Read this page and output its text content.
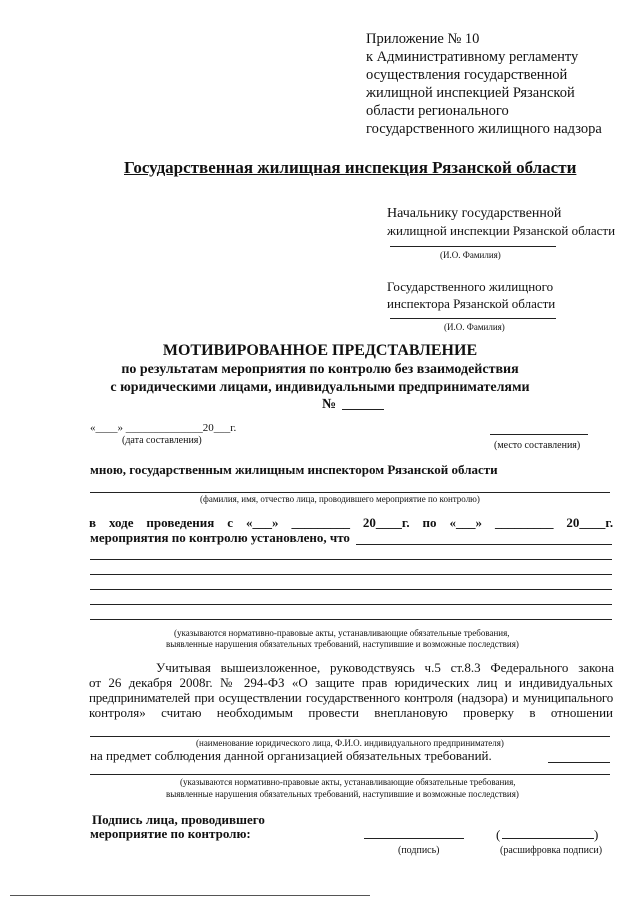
Приложение № 10
к Административному регламенту
осуществления государственной
жилищной инспекцией Рязанской
области регионального
государственного жилищного надзора
Государственная жилищная инспекция Рязанской области
Начальнику государственной
жилищной инспекции Рязанской области
(И.О. Фамилия)
Государственного жилищного
инспектора Рязанской области
(И.О. Фамилия)
МОТИВИРОВАННОЕ ПРЕДСТАВЛЕНИЕ
по результатам мероприятия по контролю без взаимодействия
с юридическими лицами, индивидуальными предпринимателями
№
«____» ______________20___г.
(дата составления)	(место составления)
мною, государственным жилищным инспектором Рязанской области
(фамилия, имя, отчество лица, проводившего мероприятие по контролю)
в ходе проведения с «___» _________ 20____г. по «___» _________ 20____г.
мероприятия по контролю установлено, что
(указываются нормативно-правовые акты, устанавливающие обязательные требования,
выявленные нарушения обязательных требований, наступившие и возможные последствия)
Учитывая вышеизложенное, руководствуясь ч.5 ст.8.3 Федерального закона
от 26 декабря 2008г. № 294-ФЗ «О защите прав юридических лиц и индивидуальных
предпринимателей при осуществлении государственного контроля (надзора) и муниципального
контроля» считаю необходимым провести внеплановую проверку в отношении
(наименование юридического лица, Ф.И.О. индивидуального предпринимателя)
на предмет соблюдения данной организацией обязательных требований.
(указываются нормативно-правовые акты, устанавливающие обязательные требования,
выявленные нарушения обязательных требований, наступившие и возможные последствия)
Подпись лица, проводившего
мероприятие по контролю:
(подпись)
(	)
(расшифровка подписи)
